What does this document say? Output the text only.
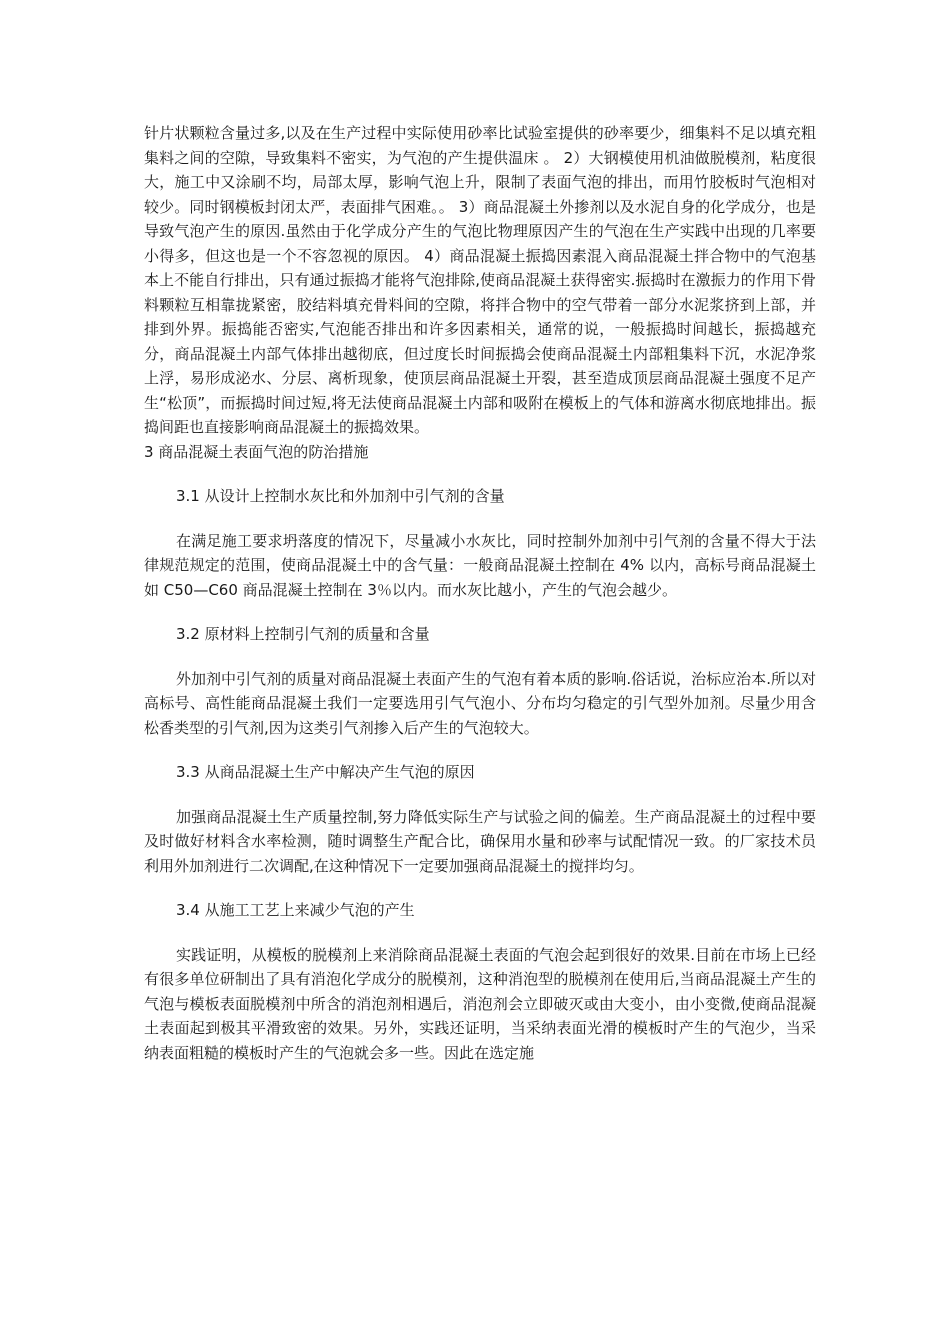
针片状颗粒含量过多,以及在生产过程中实际使用砂率比试验室提供的砂率要少，细集料不足以填充粗集料之间的空隙，导致集料不密实，为气泡的产生提供温床 。 2）大钢模使用机油做脱模剂，粘度很大，施工中又涂刷不均，局部太厚，影响气泡上升，限制了表面气泡的排出，而用竹胶板时气泡相对较少。同时钢模板封闭太严，表面排气困难。。 3）商品混凝土外掺剂以及水泥自身的化学成分，也是导致气泡产生的原因.虽然由于化学成分产生的气泡比物理原因产生的气泡在生产实践中出现的几率要小得多，但这也是一个不容忽视的原因。 4）商品混凝土振捣因素混入商品混凝土拌合物中的气泡基本上不能自行排出，只有通过振捣才能将气泡排除,使商品混凝土获得密实.振捣时在激振力的作用下骨料颗粒互相靠拢紧密，胶结料填充骨料间的空隙，将拌合物中的空气带着一部分水泥浆挤到上部，并排到外界。振捣能否密实,气泡能否排出和许多因素相关，通常的说，一般振捣时间越长，振捣越充分，商品混凝土内部气体排出越彻底，但过度长时间振捣会使商品混凝土内部粗集料下沉，水泥净浆上浮，易形成泌水、分层、离析现象，使顶层商品混凝土开裂，甚至造成顶层商品混凝土强度不足产生“松顶”，而振捣时间过短,将无法使商品混凝土内部和吸附在模板上的气体和游离水彻底地排出。振捣间距也直接影响商品混凝土的振捣效果。

3 商品混凝土表面气泡的防治措施

3.1 从设计上控制水灰比和外加剂中引气剂的含量

在满足施工要求坍落度的情况下，尽量减小水灰比，同时控制外加剂中引气剂的含量不得大于法律规范规定的范围，使商品混凝土中的含气量：一般商品混凝土控制在 4% 以内，高标号商品混凝土如 C50—C60 商品混凝土控制在 3％以内。而水灰比越小，产生的气泡会越少。

3.2 原材料上控制引气剂的质量和含量

外加剂中引气剂的质量对商品混凝土表面产生的气泡有着本质的影响.俗话说，治标应治本.所以对高标号、高性能商品混凝土我们一定要选用引气气泡小、分布均匀稳定的引气型外加剂。尽量少用含松香类型的引气剂,因为这类引气剂掺入后产生的气泡较大。

3.3 从商品混凝土生产中解决产生气泡的原因

加强商品混凝土生产质量控制,努力降低实际生产与试验之间的偏差。生产商品混凝土的过程中要及时做好材料含水率检测，随时调整生产配合比，确保用水量和砂率与试配情况一致。的厂家技术员利用外加剂进行二次调配,在这种情况下一定要加强商品混凝土的搅拌均匀。

3.4 从施工工艺上来减少气泡的产生

实践证明，从模板的脱模剂上来消除商品混凝土表面的气泡会起到很好的效果.目前在市场上已经有很多单位研制出了具有消泡化学成分的脱模剂，这种消泡型的脱模剂在使用后,当商品混凝土产生的气泡与模板表面脱模剂中所含的消泡剂相遇后，消泡剂会立即破灭或由大变小，由小变微,使商品混凝土表面起到极其平滑致密的效果。另外，实践还证明，当采纳表面光滑的模板时产生的气泡少，当采纳表面粗糙的模板时产生的气泡就会多一些。因此在选定施
